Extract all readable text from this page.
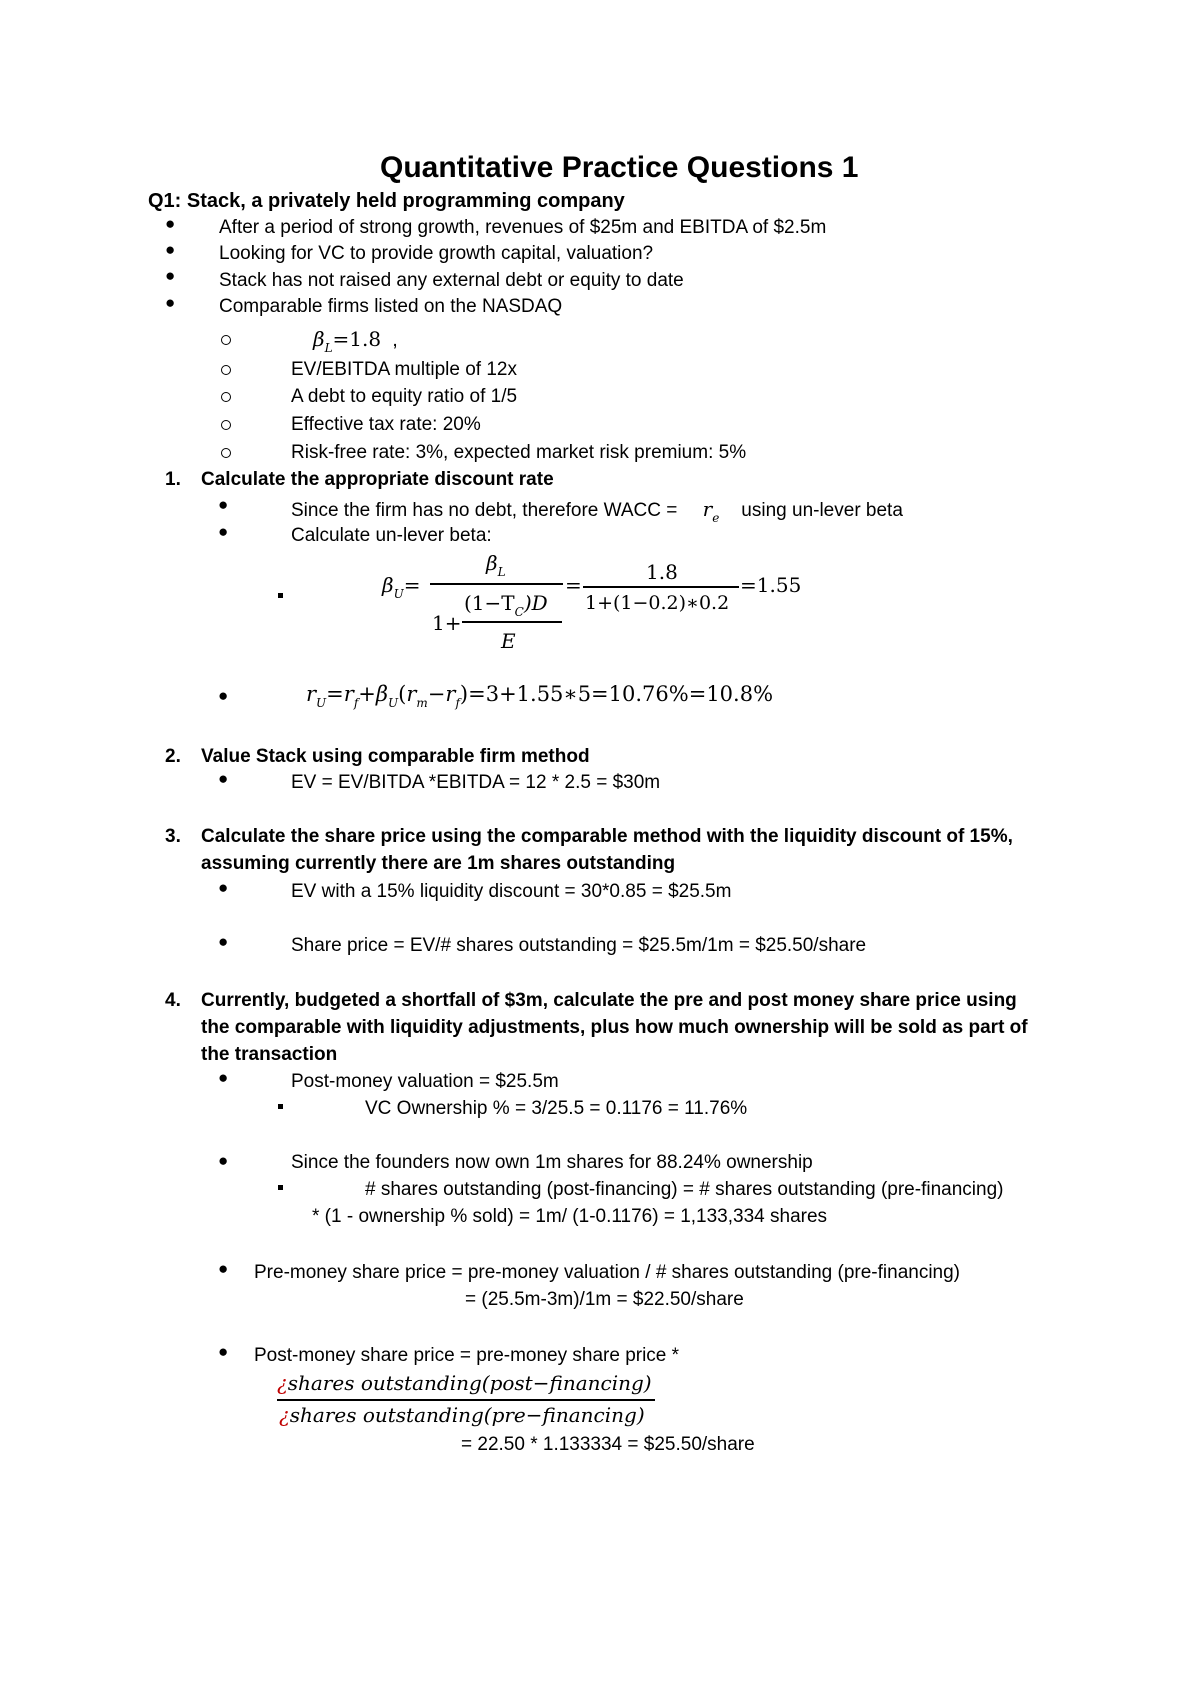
Quantitative Practice Questions 1
Q1: Stack, a privately held programming company
● After a period of strong growth, revenues of $25m and EBITDA of $2.5m
● Looking for VC to provide growth capital, valuation?
● Stack has not raised any external debt or equity to date
● Comparable firms listed on the NASDAQ
$\beta_L=1.8$ ,
EV/EBITDA multiple of 12x
A debt to equity ratio of 1/5
Effective tax rate: 20%
Risk-free rate: 3%, expected market risk premium: 5%
1. Calculate the appropriate discount rate
●	Since the firm has no debt, therefore WACC = $r_e$ using un-lever beta
●	Calculate un-lever beta:
$\beta_U=$
$\beta_L$
1+
$(1-T_C)D$
E
=
1.8
1+(1−0.2)∗0.2
=1.55
●	$r_U=r_f+\beta_U(r_m-r_f)=3+1.55∗5=10.76\%=10.8\%$
2. Value Stack using comparable firm method
●	EV = EV/BITDA *EBITDA = 12 * 2.5 = $30m
3. Calculate the share price using the comparable method with the liquidity discount of 15%,
assuming currently there are 1m shares outstanding
●	EV with a 15% liquidity discount = 30*0.85 = $25.5m
●	Share price = EV/# shares outstanding = $25.5m/1m = $25.50/share
4. Currently, budgeted a shortfall of $3m, calculate the pre and post money share price using
the comparable with liquidity adjustments, plus how much ownership will be sold as part of
the transaction
●	Post-money valuation = $25.5m
VC Ownership % = 3/25.5 = 0.1176 = 11.76%
●	Since the founders now own 1m shares for 88.24% ownership
# shares outstanding (post-financing) = # shares outstanding (pre-financing)
* (1 - ownership % sold) = 1m/ (1-0.1176) = 1,133,334 shares
● Pre-money share price = pre-money valuation / # shares outstanding (pre-financing)
= (25.5m-3m)/1m = $22.50/share
● Post-money share price = pre-money share price *
¿shares outstanding(post−financing)
¿shares outstanding(pre−financing)
= 22.50 * 1.133334 = $25.50/share
